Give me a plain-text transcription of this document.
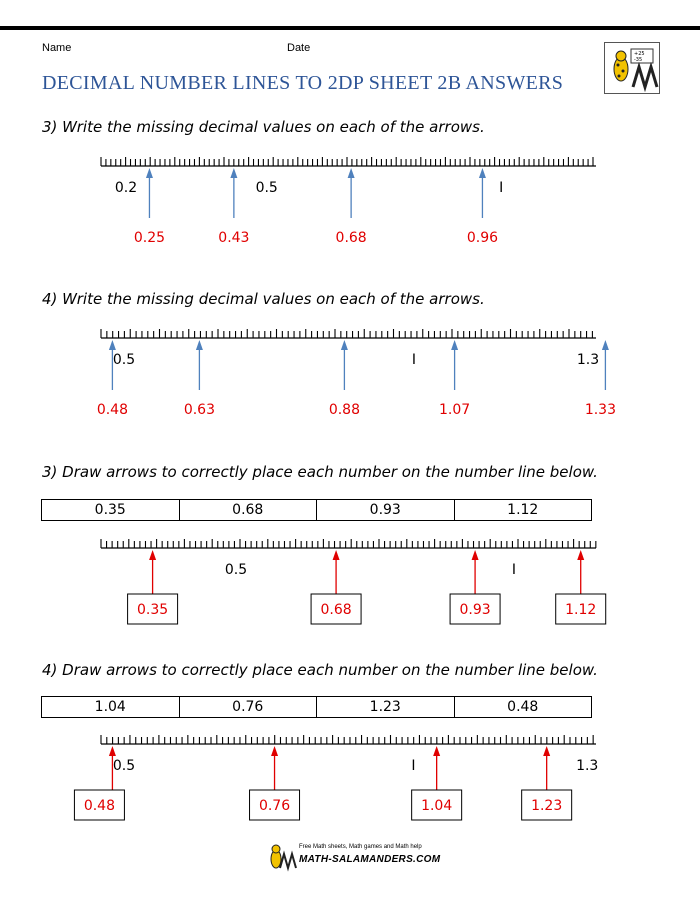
Name	Date
DECIMAL NUMBER LINES TO 2DP SHEET 2B ANSWERS
+25
-35
3) Write the missing decimal values on each of the arrows.
0.2	0.5	I
0.25	0.43	0.68	0.96
4) Write the missing decimal values on each of the arrows.
0.5	I	1.3
0.48	0.63	0.88	1.07	1.33
3) Draw arrows to correctly place each number on the number line below.
0.35	0.68	0.93	1.12
0.5	I
0.35	0.68	0.93	1.12
4) Draw arrows to correctly place each number on the number line below.
1.04	0.76	1.23	0.48
0.5	I	1.3
0.48	0.76	1.04	1.23
Free Math sheets, Math games and Math help
MATH-SALAMANDERS.COM
